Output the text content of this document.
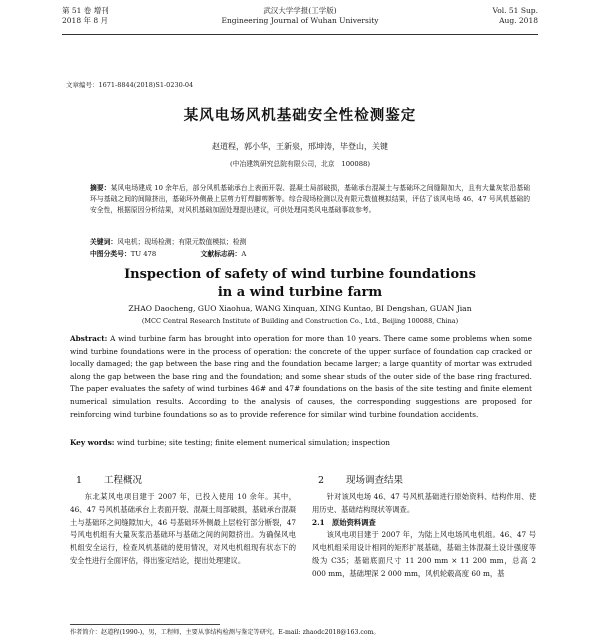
第 51 卷 增刊
2018 年 8 月
武汉大学学报(工学版)
Engineering Journal of Wuhan University
Vol. 51 Sup.
Aug. 2018
文章编号：1671-8844(2018)S1-0230-04
某风电场风机基础安全性检测鉴定
赵道程，郭小华，王新泉，邢坤涛，毕登山，关键
(中冶建筑研究总院有限公司，北京　100088)
摘要：某风电场建成 10 余年后，部分风机基础承台上表面开裂、混凝土局部破损，基础承台混凝土与基础环之间缝隙加大，且有大量灰浆沿基础环与基础之间的间隙挤出，基础环外侧最上层剪力钉焊脚剪断等。综合现场检测以及有限元数值模拟结果，评估了该风电场 46、47 号风机基础的安全性，根据原因分析结果，对风机基础加固处理提出建议，可供处理同类风电基础事故参考。
关键词：风电机；现场检测；有限元数值模拟；检测
中图分类号：TU 478	文献标志码：A
Inspection of safety of wind turbine foundations
in a wind turbine farm
ZHAO Daocheng, GUO Xiaohua, WANG Xinquan, XING Kuntao, BI Dengshan, GUAN Jian
(MCC Central Research Institute of Building and Construction Co., Ltd., Beijing 100088, China)
Abstract: A wind turbine farm has brought into operation for more than 10 years. There came some problems when some wind turbine foundations were in the process of operation: the concrete of the upper surface of foundation cap cracked or locally damaged; the gap between the base ring and the foundation became larger; a large quantity of mortar was extruded along the gap between the base ring and the foundation; and some shear studs of the outer side of the base ring fractured. The paper evaluates the safety of wind turbines 46# and 47# foundations on the basis of the site testing and finite element numerical simulation results. According to the analysis of causes, the corresponding suggestions are proposed for reinforcing wind turbine foundations so as to provide reference for similar wind turbine foundation accidents.
Key words: wind turbine; site testing; finite element numerical simulation; inspection
1 工程概况	2 现场调查结果

东北某风电项目建于 2007 年，已投入使用 10 余年。其中，46、47 号风机基础承台上表面开裂、混凝土局部破损，基础承台混凝土与基础环之间缝隙加大，46 号基础环外侧最上层栓钉部分断裂，47 号风电机组有大量灰浆沿基础环与基础之间的间隙挤出。为确保风电机组安全运行，检查风机基础的使用情况，对风电机组现有状态下的安全性进行全面评估，得出鉴定结论，提出处理建议。

针对该风电场 46、47 号风机基础进行原始资料、结构作用、使用历史、基础结构现状等调查。

2.1　 原始资料调查

该风电项目建于 2007 年，为陆上风电场风电机组。46、47 号风电机组采用设计相同的矩形扩展基础，基础主体混凝土设计强度等级为 C35；基础底面尺寸 11 200 mm × 11 200 mm，总高 2 000 mm，基础埋深 2 000 mm，风机轮毂高度 60 m，基

作者简介：赵道程(1990-)，男，工程师，主要从事结构检测与鉴定等研究。E-mail: zhaodc2018@163.com。
